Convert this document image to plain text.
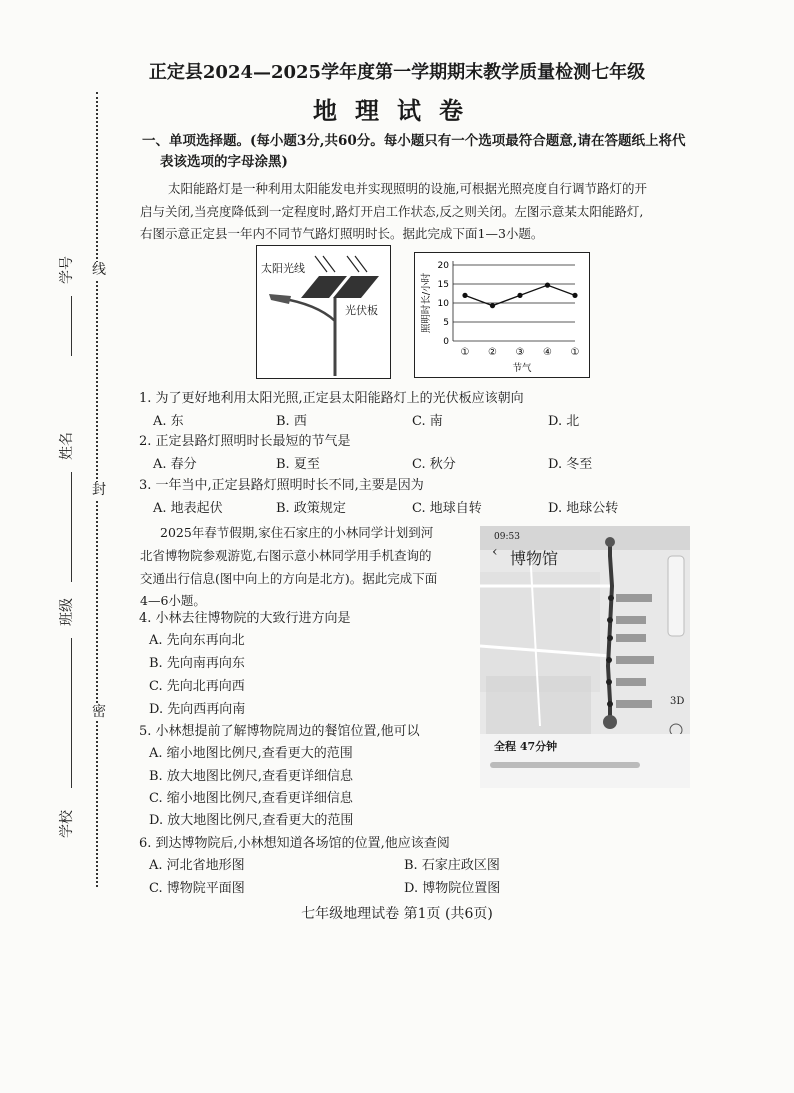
正定县2024—2025学年度第一学期期末教学质量检测七年级
地理试卷
学号
姓名
班级
学校
线
封
密
一、单项选择题。(每小题3分,共60分。每小题只有一个选项最符合题意,请在答题纸上将代
表该选项的字母涂黑)
太阳能路灯是一种利用太阳能发电并实现照明的设施,可根据光照亮度自行调节路灯的开
启与关闭,当亮度降低到一定程度时,路灯开启工作状态,反之则关闭。左图示意某太阳能路灯,
右图示意正定县一年内不同节气路灯照明时长。据此完成下面1—3小题。
太阳光线
光伏板
0
5
10
15
20
① ② ③ ④ ①
节气
照明时长/小时
1. 为了更好地利用太阳光照,正定县太阳能路灯上的光伏板应该朝向
A. 东	B. 西	C. 南	D. 北
2. 正定县路灯照明时长最短的节气是
A. 春分	B. 夏至	C. 秋分	D. 冬至
3. 一年当中,正定县路灯照明时长不同,主要是因为
A. 地表起伏	B. 政策规定	C. 地球自转	D. 地球公转
2025年春节假期,家住石家庄的小林同学计划到河
北省博物院参观游览,右图示意小林同学用手机查询的
交通出行信息(图中向上的方向是北方)。据此完成下面
4—6小题。
09:53
‹ 博物馆
3D
全程 47分钟
4. 小林去往博物院的大致行进方向是
A. 先向东再向北
B. 先向南再向东
C. 先向北再向西
D. 先向西再向南
5. 小林想提前了解博物院周边的餐馆位置,他可以
A. 缩小地图比例尺,查看更大的范围
B. 放大地图比例尺,查看更详细信息
C. 缩小地图比例尺,查看更详细信息
D. 放大地图比例尺,查看更大的范围
6. 到达博物院后,小林想知道各场馆的位置,他应该查阅
A. 河北省地形图	B. 石家庄政区图
C. 博物院平面图	D. 博物院位置图
七年级地理试卷 第1页 (共6页)
